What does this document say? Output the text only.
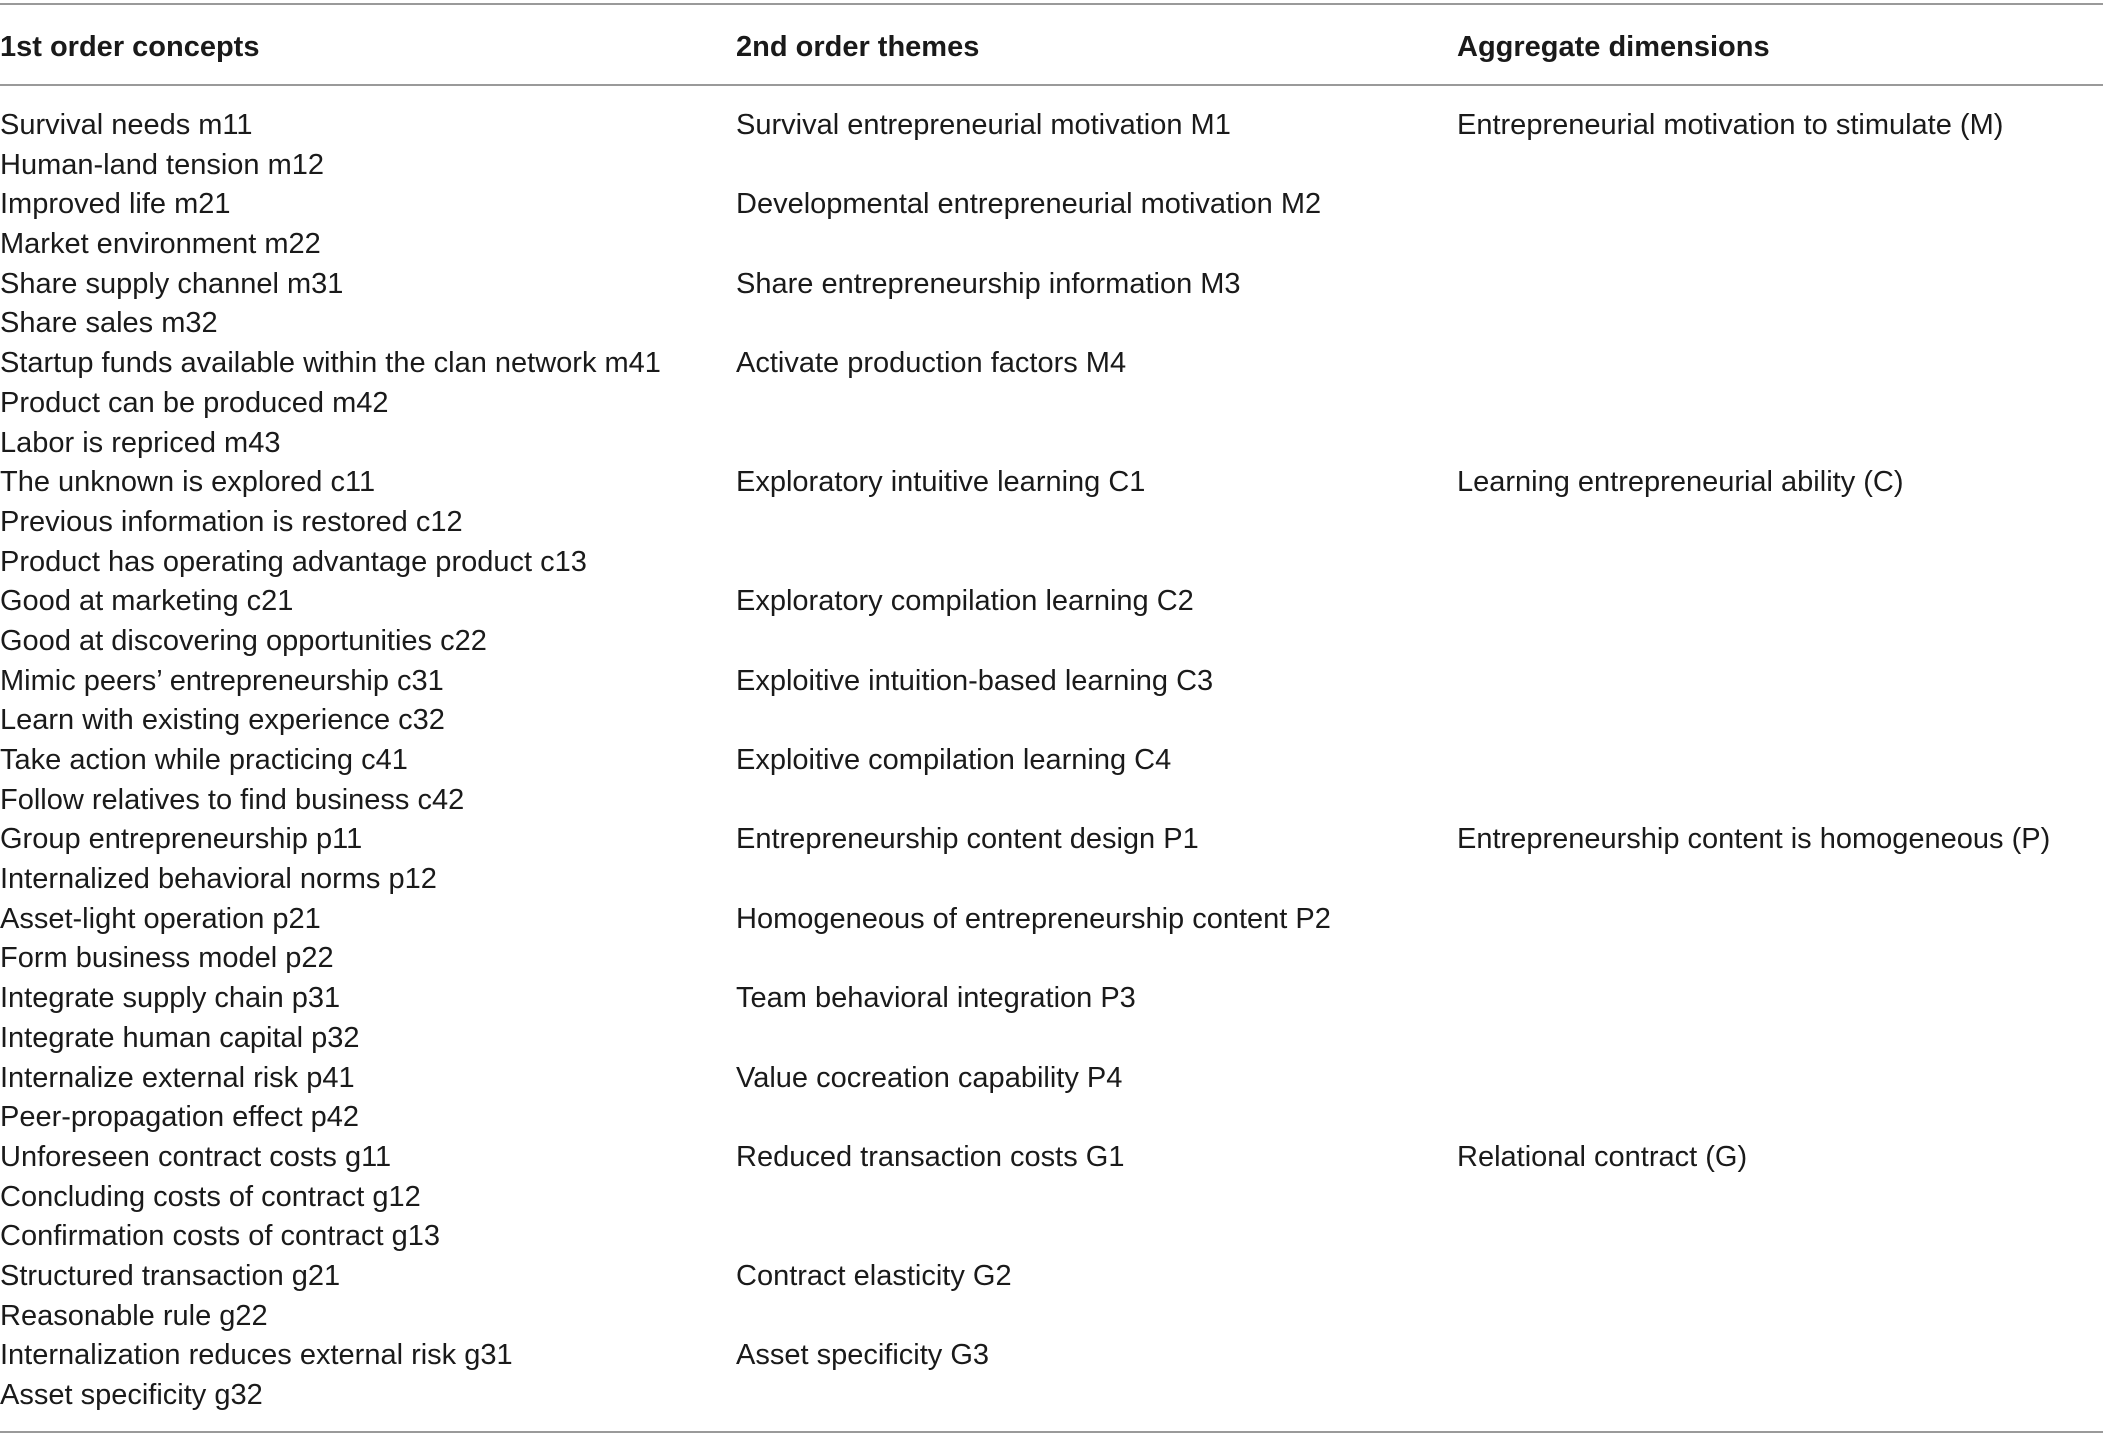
1st order concepts	2nd order themes	Aggregate dimensions
Survival needs m11	Survival entrepreneurial motivation M1	Entrepreneurial motivation to stimulate (M)
Human-land tension m12
Improved life m21	Developmental entrepreneurial motivation M2
Market environment m22
Share supply channel m31	Share entrepreneurship information M3
Share sales m32
Startup funds available within the clan network m41	Activate production factors M4
Product can be produced m42
Labor is repriced m43
The unknown is explored c11	Exploratory intuitive learning C1	Learning entrepreneurial ability (C)
Previous information is restored c12
Product has operating advantage product c13
Good at marketing c21	Exploratory compilation learning C2
Good at discovering opportunities c22
Mimic peers’ entrepreneurship c31	Exploitive intuition-based learning C3
Learn with existing experience c32
Take action while practicing c41	Exploitive compilation learning C4
Follow relatives to find business c42
Group entrepreneurship p11	Entrepreneurship content design P1	Entrepreneurship content is homogeneous (P)
Internalized behavioral norms p12
Asset-light operation p21	Homogeneous of entrepreneurship content P2
Form business model p22
Integrate supply chain p31	Team behavioral integration P3
Integrate human capital p32
Internalize external risk p41	Value cocreation capability P4
Peer-propagation effect p42
Unforeseen contract costs g11	Reduced transaction costs G1	Relational contract (G)
Concluding costs of contract g12
Confirmation costs of contract g13
Structured transaction g21	Contract elasticity G2
Reasonable rule g22
Internalization reduces external risk g31	Asset specificity G3
Asset specificity g32
